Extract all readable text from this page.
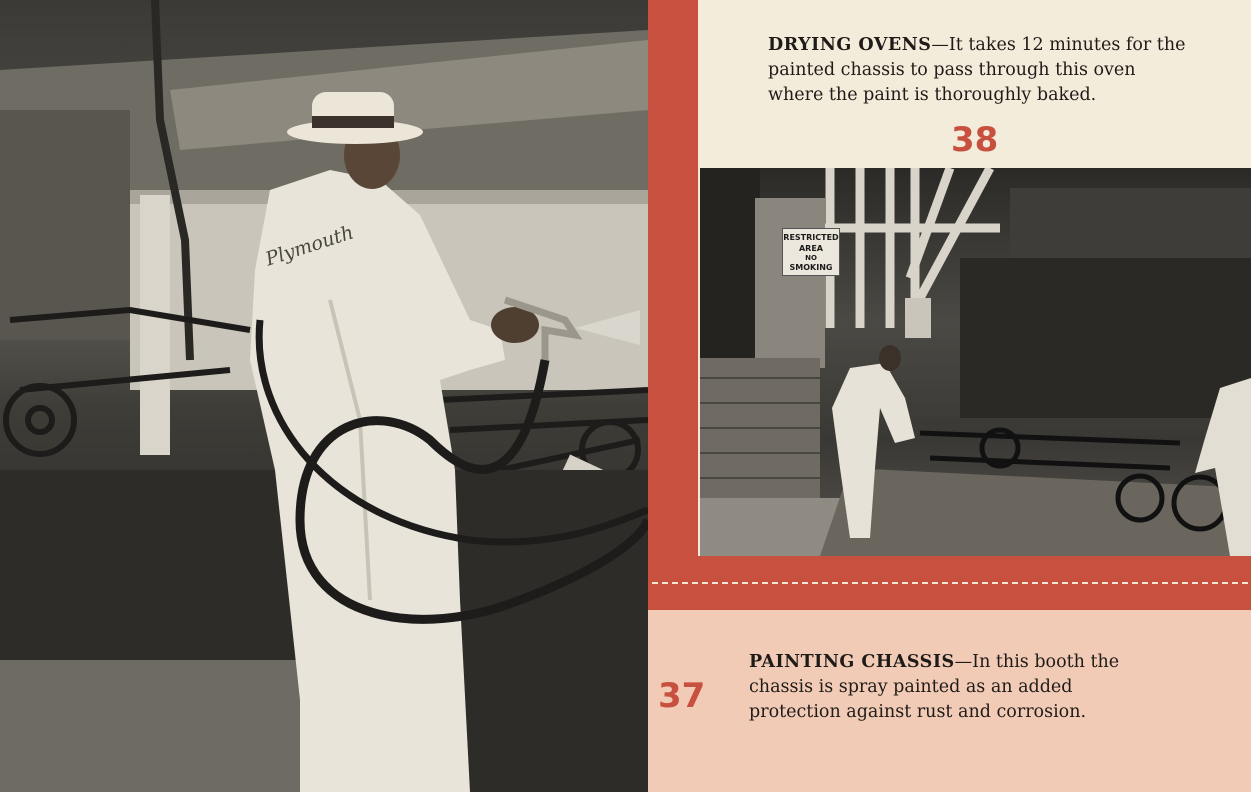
Plymouth
DRYING OVENS—It takes 12 minutes for the painted chassis to pass through this oven where the paint is thoroughly baked.
38
RESTRICTED
AREA
NO
SMOKING
37
PAINTING CHASSIS—In this booth the chassis is spray painted as an added protection against rust and corrosion.
